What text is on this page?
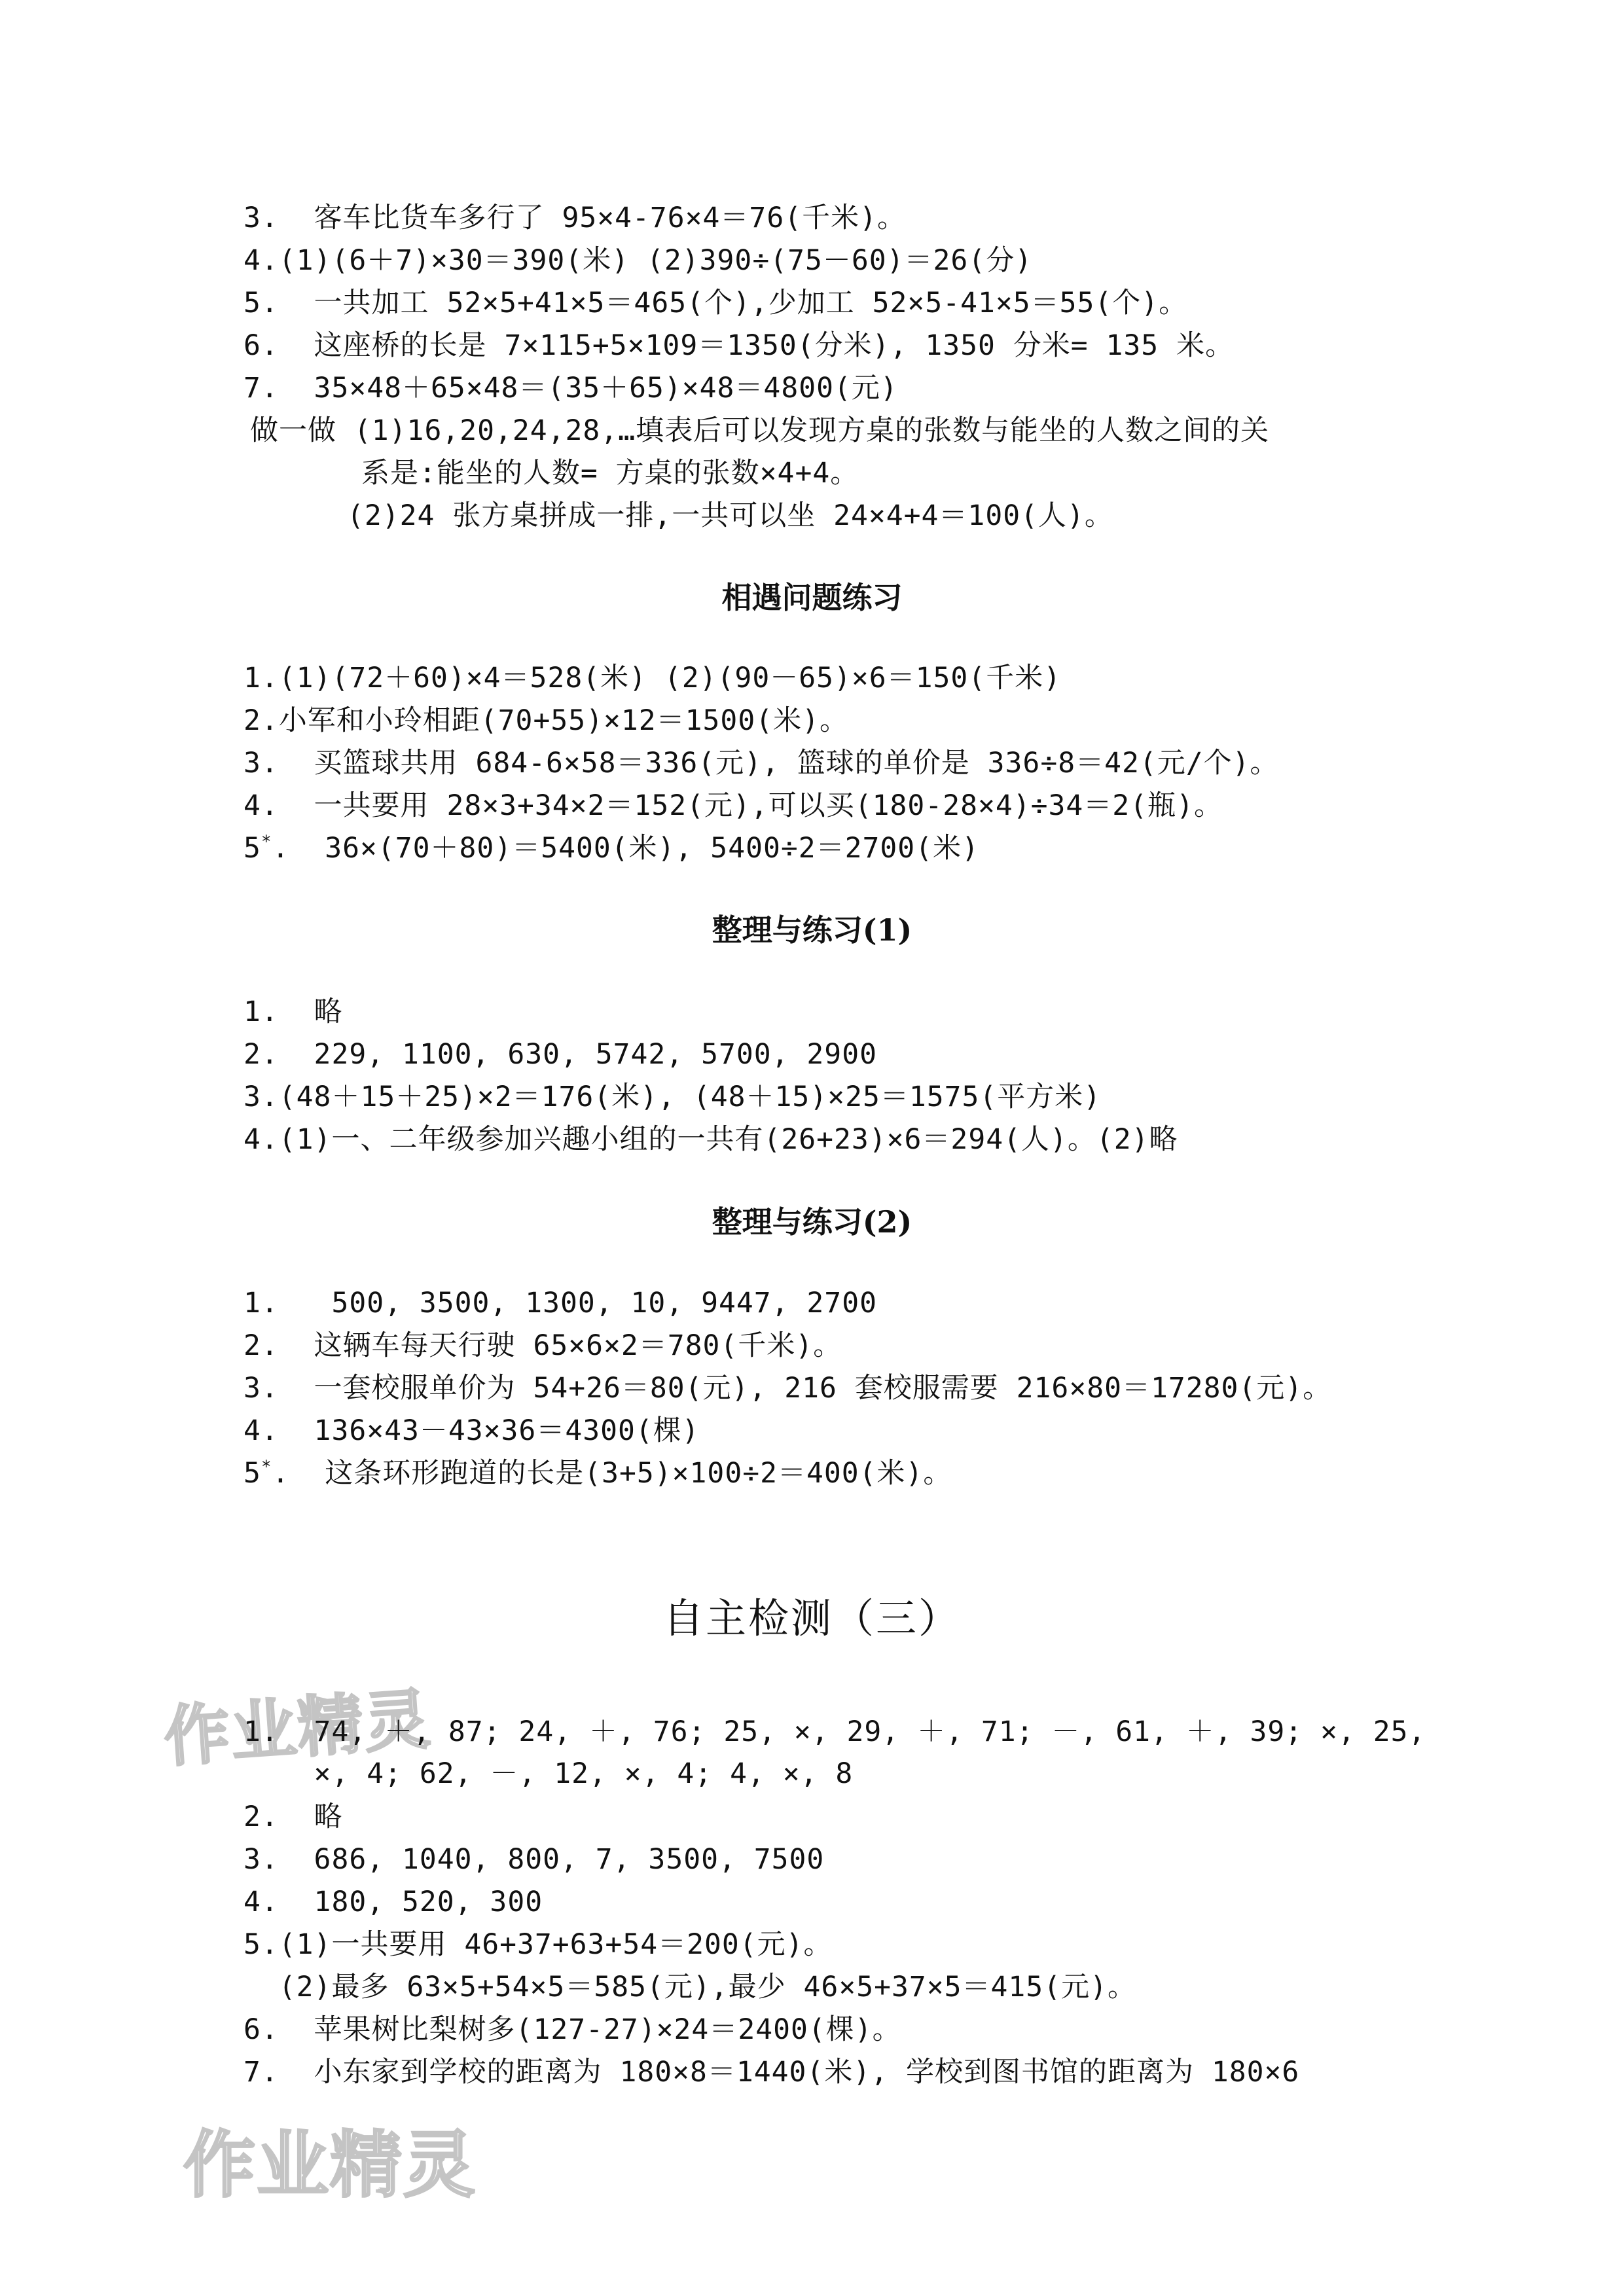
3.  客车比货车多行了 95×4-76×4＝76(千米)。
4.(1)(6＋7)×30＝390(米) (2)390÷(75－60)＝26(分)
5.  一共加工 52×5+41×5＝465(个),少加工 52×5-41×5＝55(个)。
6.  这座桥的长是 7×115+5×109＝1350(分米), 1350 分米= 135 米。
7.  35×48＋65×48＝(35＋65)×48＝4800(元)
做一做 (1)16,20,24,28,…填表后可以发现方桌的张数与能坐的人数之间的关
系是:能坐的人数= 方桌的张数×4+4。
(2)24 张方桌拼成一排,一共可以坐 24×4+4＝100(人)。
相遇问题练习
1.(1)(72＋60)×4＝528(米) (2)(90－65)×6＝150(千米)
2.小军和小玲相距(70+55)×12＝1500(米)。
3.  买篮球共用 684-6×58＝336(元), 篮球的单价是 336÷8＝42(元/个)。
4.  一共要用 28×3+34×2＝152(元),可以买(180-28×4)÷34＝2(瓶)。
5*.  36×(70＋80)＝5400(米), 5400÷2＝2700(米)
整理与练习(1)
1.  略
2.  229, 1100, 630, 5742, 5700, 2900
3.(48＋15＋25)×2＝176(米), (48＋15)×25＝1575(平方米)
4.(1)一、二年级参加兴趣小组的一共有(26+23)×6＝294(人)。(2)略
整理与练习(2)
1.   500, 3500, 1300, 10, 9447, 2700
2.  这辆车每天行驶 65×6×2＝780(千米)。
3.  一套校服单价为 54+26＝80(元), 216 套校服需要 216×80＝17280(元)。
4.  136×43－43×36＝4300(棵)
5*.  这条环形跑道的长是(3+5)×100÷2＝400(米)。
自主检测（三）
作业精灵
作业精灵
1.  74, ＋, 87; 24, ＋, 76; 25, ×, 29, ＋, 71; －, 61, ＋, 39; ×, 25,
×, 4; 62, －, 12, ×, 4; 4, ×, 8
2.  略
3.  686, 1040, 800, 7, 3500, 7500
4.  180, 520, 300
5.(1)一共要用 46+37+63+54＝200(元)。
(2)最多 63×5+54×5＝585(元),最少 46×5+37×5＝415(元)。
6.  苹果树比梨树多(127-27)×24＝2400(棵)。
7.  小东家到学校的距离为 180×8＝1440(米), 学校到图书馆的距离为 180×6
